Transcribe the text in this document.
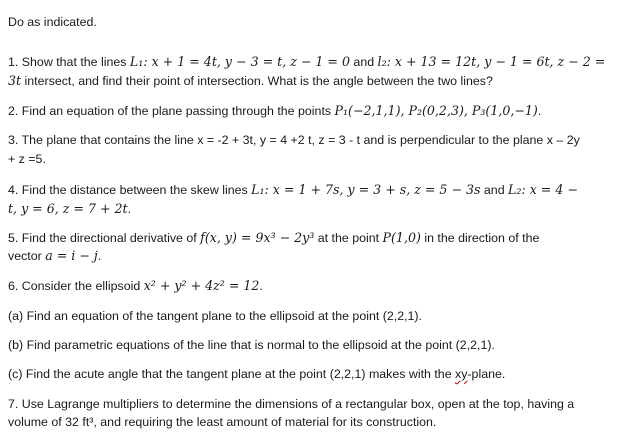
Do as indicated.
1. Show that the lines L₁: x + 1 = 4t, y − 3 = t, z − 1 = 0 and l₂: x + 13 = 12t, y − 1 = 6t, z − 2 =
3t intersect, and find their point of intersection. What is the angle between the two lines?
2. Find an equation of the plane passing through the points P₁(−2,1,1), P₂(0,2,3), P₃(1,0,−1).
3. The plane that contains the line x = -2 + 3t, y = 4 +2 t, z = 3 - t and is perpendicular to the plane x – 2y
+ z =5.
4. Find the distance between the skew lines L₁: x = 1 + 7s, y = 3 + s, z = 5 − 3s and L₂: x = 4 −
t, y = 6, z = 7 + 2t.
5. Find the directional derivative of f(x, y) = 9x³ − 2y³ at the point P(1,0) in the direction of the
vector a = i − j.
6. Consider the ellipsoid x² + y² + 4z² = 12.
(a) Find an equation of the tangent plane to the ellipsoid at the point (2,2,1).
(b) Find parametric equations of the line that is normal to the ellipsoid at the point (2,2,1).
(c) Find the acute angle that the tangent plane at the point (2,2,1) makes with the xy-plane.
7. Use Lagrange multipliers to determine the dimensions of a rectangular box, open at the top, having a
volume of 32 ft³, and requiring the least amount of material for its construction.
